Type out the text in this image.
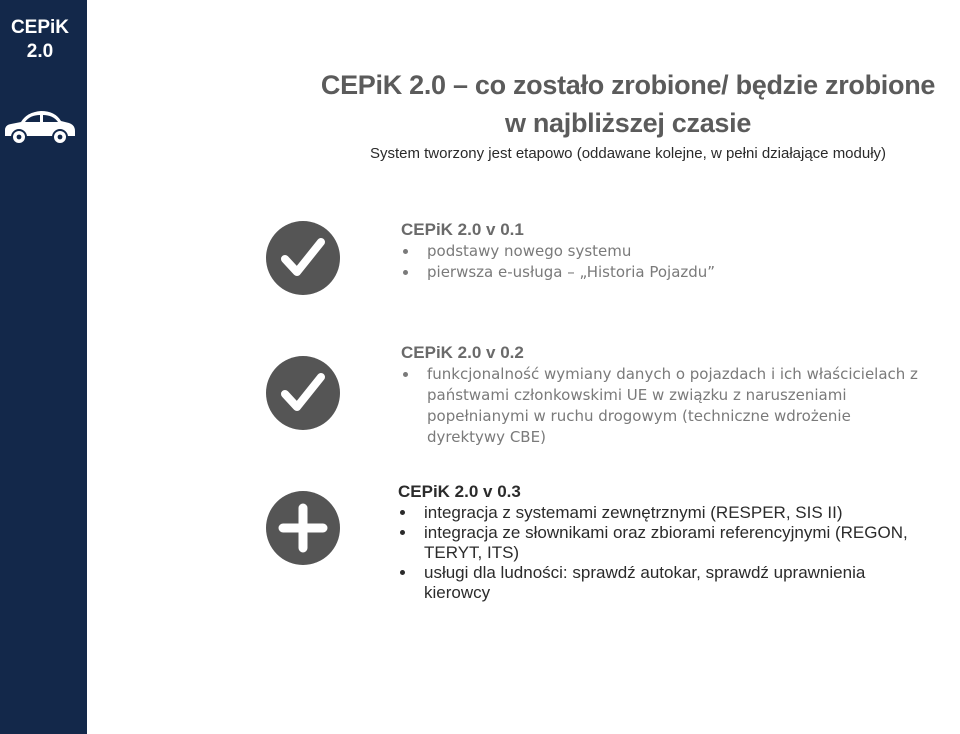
CEPiK
2.0
CEPiK 2.0 – co zostało zrobione/ będzie zrobione
w najbliższej czasie
System tworzony jest etapowo (oddawane kolejne, w pełni działające moduły)
CEPiK 2.0 v 0.1
podstawy nowego systemu
pierwsza e-usługa – „Historia Pojazdu”
CEPiK 2.0 v 0.2
funkcjonalność wymiany danych o pojazdach i ich właścicielach z państwami członkowskimi UE w związku z naruszeniami popełnianymi w ruchu drogowym (techniczne wdrożenie dyrektywy CBE)
CEPiK 2.0 v 0.3
integracja z systemami zewnętrznymi (RESPER, SIS II)
integracja ze słownikami oraz zbiorami referencyjnymi (REGON, TERYT, ITS)
usługi dla ludności: sprawdź autokar, sprawdź uprawnienia kierowcy
